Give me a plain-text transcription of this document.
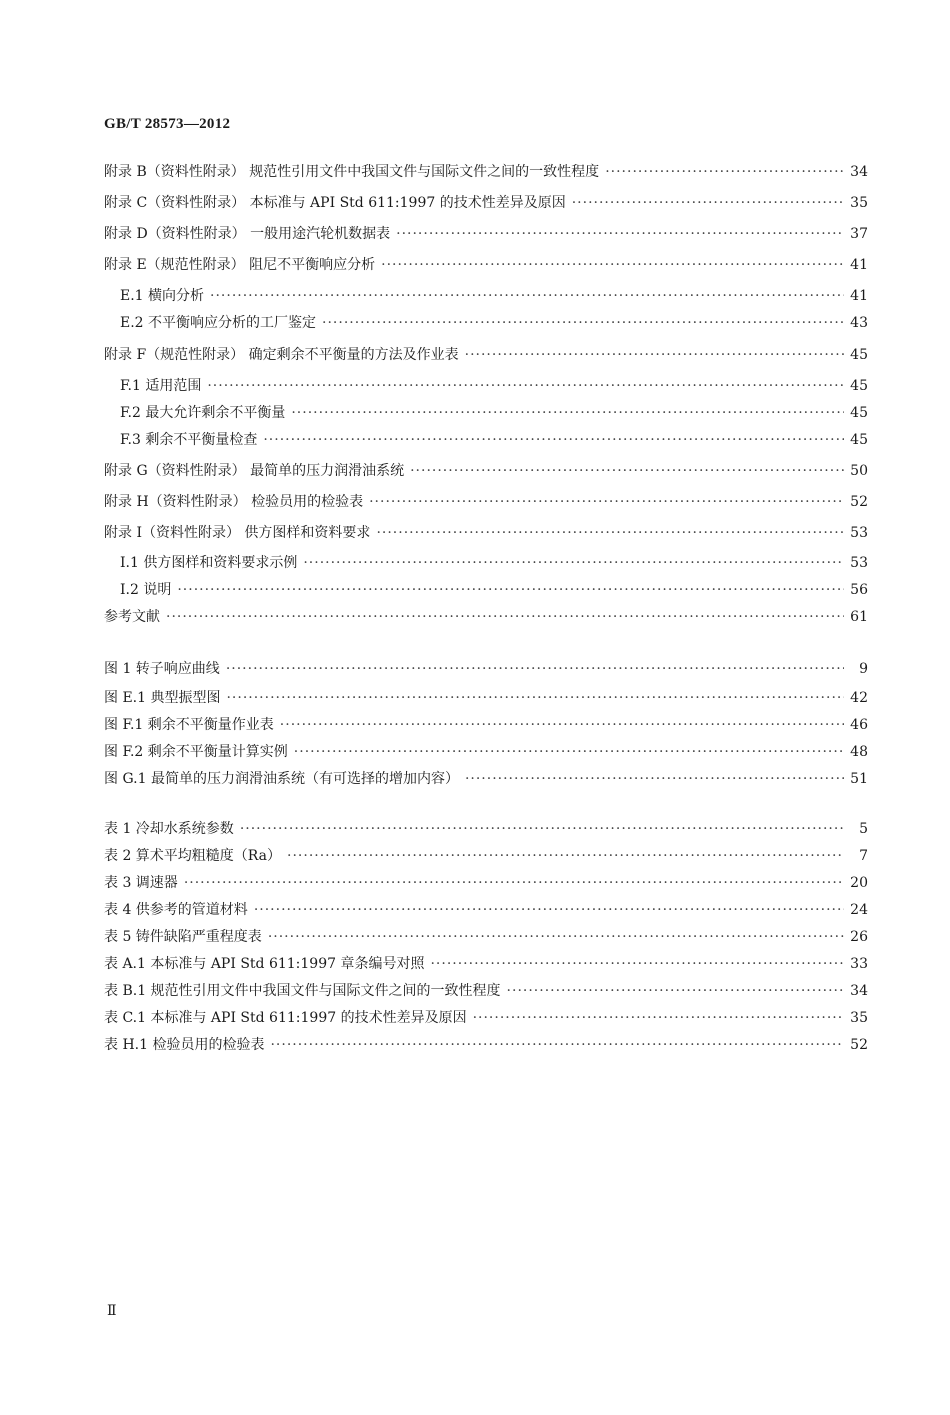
GB/T 28573—2012
附录 B（资料性附录） 规范性引用文件中我国文件与国际文件之间的一致性程度 ·····	34
附录 C（资料性附录） 本标准与 API Std 611:1997 的技术性差异及原因 ·····	35
附录 D（资料性附录） 一般用途汽轮机数据表 ·····	37
附录 E（规范性附录） 阻尼不平衡响应分析 ·····	41
E.1 横向分析 ·····	41
E.2 不平衡响应分析的工厂鉴定 ·····	43
附录 F（规范性附录） 确定剩余不平衡量的方法及作业表 ·····	45
F.1 适用范围 ·····	45
F.2 最大允许剩余不平衡量 ·····	45
F.3 剩余不平衡量检查 ·····	45
附录 G（资料性附录） 最简单的压力润滑油系统 ·····	50
附录 H（资料性附录） 检验员用的检验表 ·····	52
附录 I（资料性附录） 供方图样和资料要求 ·····	53
I.1 供方图样和资料要求示例 ·····	53
I.2 说明 ·····	56
参考文献 ·····	61
图 1 转子响应曲线 ·····	9
图 E.1 典型振型图 ·····	42
图 F.1 剩余不平衡量作业表 ·····	46
图 F.2 剩余不平衡量计算实例 ·····	48
图 G.1 最简单的压力润滑油系统（有可选择的增加内容） ·····	51
表 1 冷却水系统参数 ·····	5
表 2 算术平均粗糙度（Ra） ·····	7
表 3 调速器 ·····	20
表 4 供参考的管道材料 ·····	24
表 5 铸件缺陷严重程度表 ·····	26
表 A.1 本标准与 API Std 611:1997 章条编号对照 ·····	33
表 B.1 规范性引用文件中我国文件与国际文件之间的一致性程度 ·····	34
表 C.1 本标准与 API Std 611:1997 的技术性差异及原因 ·····	35
表 H.1 检验员用的检验表 ·····	52
Ⅱ
